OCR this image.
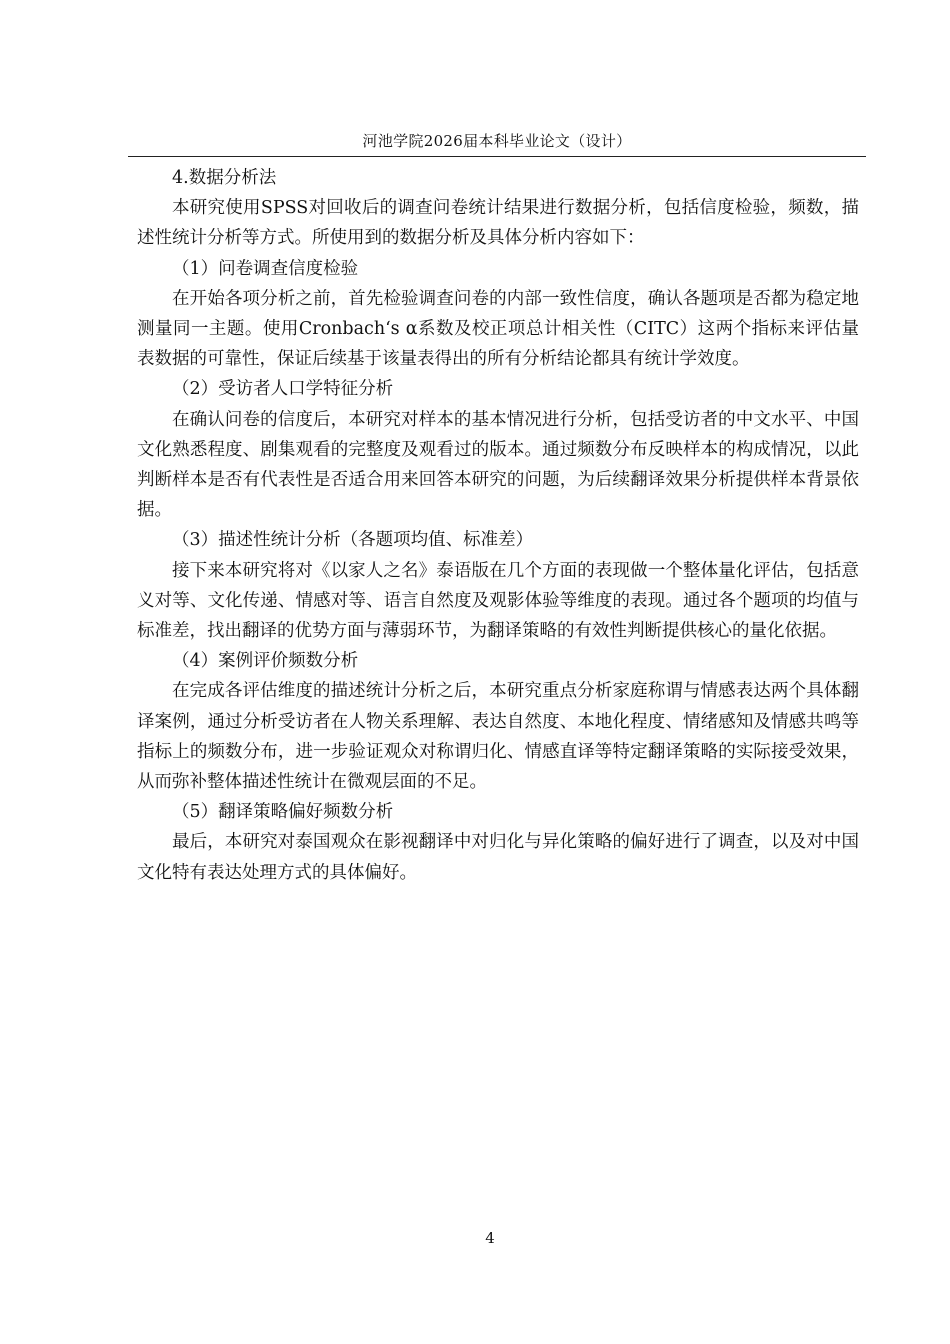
河池学院2026届本科毕业论文（设计）

4.数据分析法

本研究使用SPSS对回收后的调查问卷统计结果进行数据分析，包括信度检验，频数，描述性统计分析等方式。所使用到的数据分析及具体分析内容如下：

（1）问卷调查信度检验

在开始各项分析之前，首先检验调查问卷的内部一致性信度，确认各题项是否都为稳定地测量同一主题。使用Cronbach‘s α系数及校正项总计相关性（CITC）这两个指标来评估量表数据的可靠性，保证后续基于该量表得出的所有分析结论都具有统计学效度。

（2）受访者人口学特征分析

在确认问卷的信度后，本研究对样本的基本情况进行分析，包括受访者的中文水平、中国文化熟悉程度、剧集观看的完整度及观看过的版本。通过频数分布反映样本的构成情况，以此判断样本是否有代表性是否适合用来回答本研究的问题，为后续翻译效果分析提供样本背景依据。

（3）描述性统计分析（各题项均值、标准差）

接下来本研究将对《以家人之名》泰语版在几个方面的表现做一个整体量化评估，包括意义对等、文化传递、情感对等、语言自然度及观影体验等维度的表现。通过各个题项的均值与标准差，找出翻译的优势方面与薄弱环节，为翻译策略的有效性判断提供核心的量化依据。

（4）案例评价频数分析

在完成各评估维度的描述统计分析之后，本研究重点分析家庭称谓与情感表达两个具体翻译案例，通过分析受访者在人物关系理解、表达自然度、本地化程度、情绪感知及情感共鸣等指标上的频数分布，进一步验证观众对称谓归化、情感直译等特定翻译策略的实际接受效果，从而弥补整体描述性统计在微观层面的不足。

（5）翻译策略偏好频数分析

最后，本研究对泰国观众在影视翻译中对归化与异化策略的偏好进行了调查，以及对中国文化特有表达处理方式的具体偏好。

4
